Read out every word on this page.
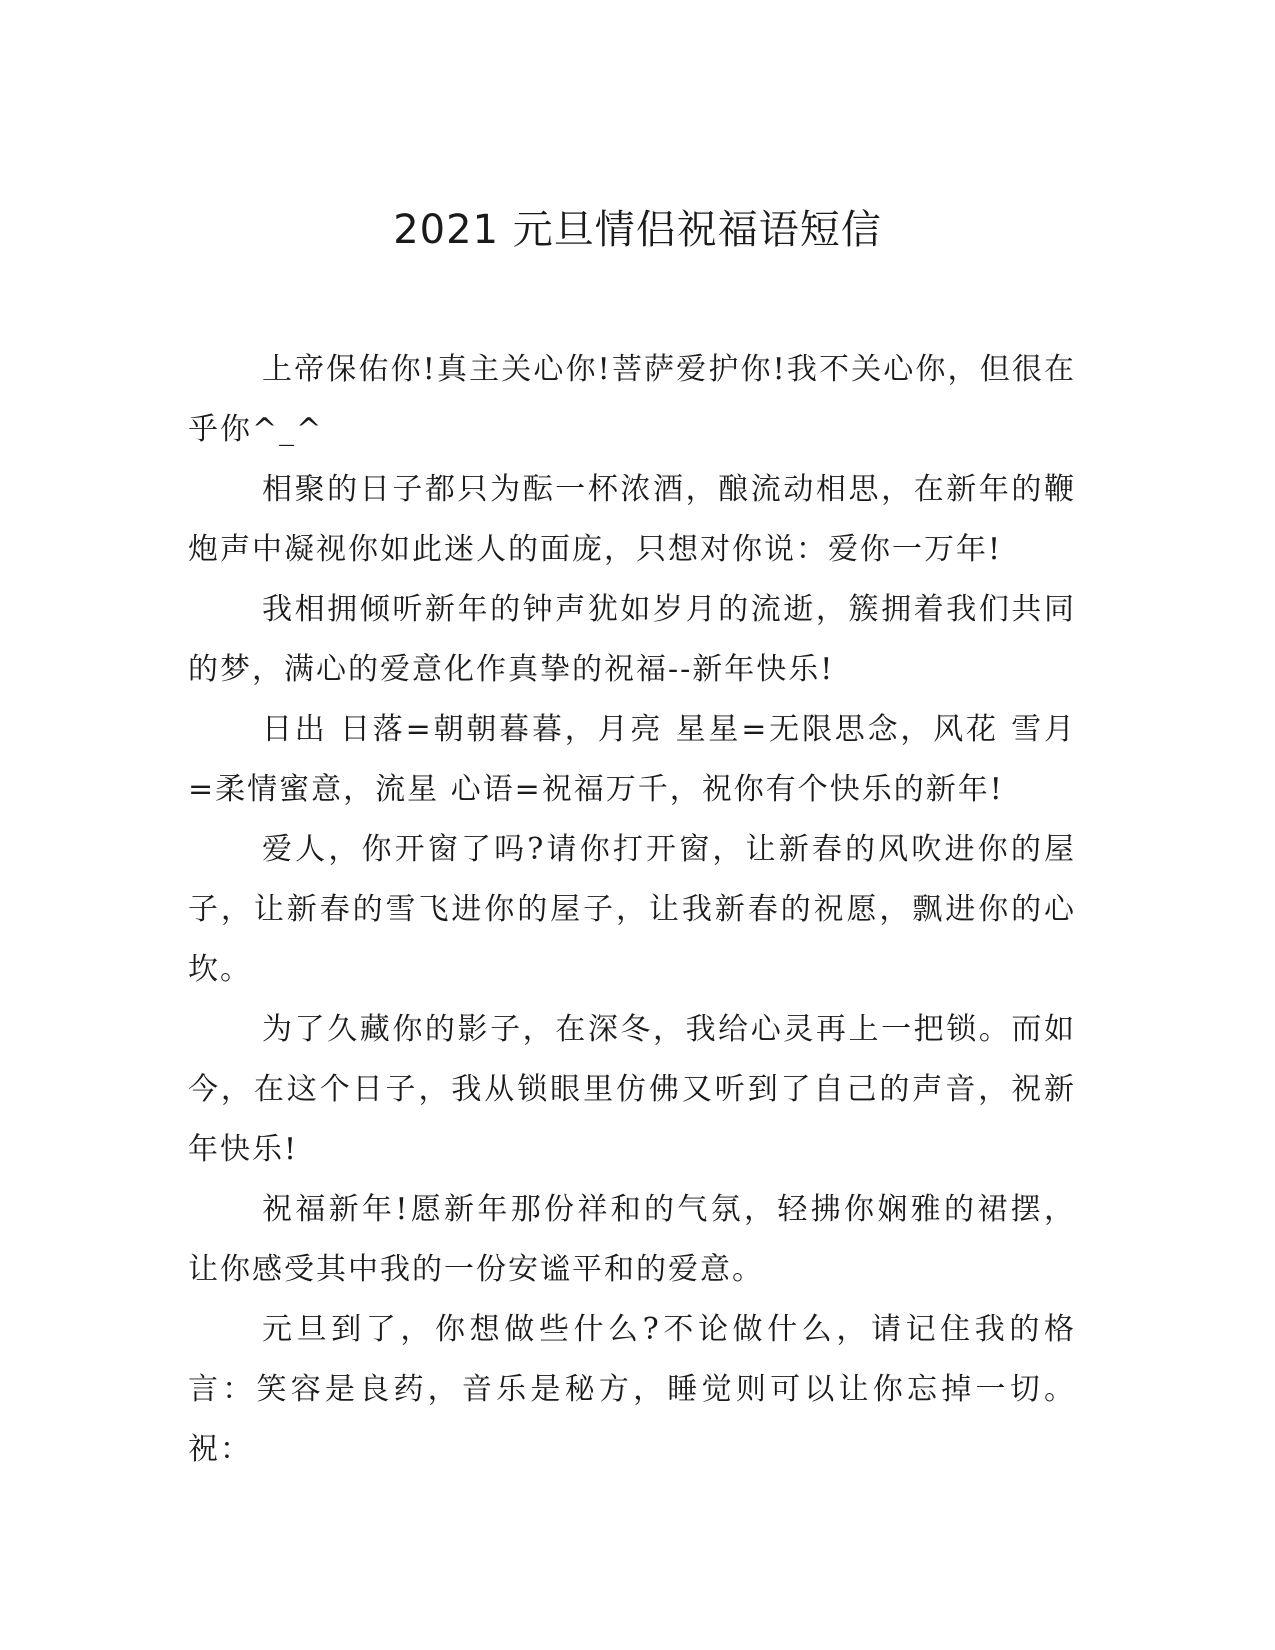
2021 元旦情侣祝福语短信

上帝保佑你!真主关心你!菩萨爱护你!我不关心你，但很在乎你^_^

相聚的日子都只为酝一杯浓酒，酿流动相思，在新年的鞭炮声中凝视你如此迷人的面庞，只想对你说：爱你一万年!

我相拥倾听新年的钟声犹如岁月的流逝，簇拥着我们共同的梦，满心的爱意化作真挚的祝福--新年快乐!

日出 日落=朝朝暮暮，月亮 星星=无限思念，风花 雪月=柔情蜜意，流星 心语=祝福万千，祝你有个快乐的新年!

爱人，你开窗了吗?请你打开窗，让新春的风吹进你的屋子，让新春的雪飞进你的屋子，让我新春的祝愿，飘进你的心坎。

为了久藏你的影子，在深冬，我给心灵再上一把锁。而如今，在这个日子，我从锁眼里仿佛又听到了自己的声音，祝新年快乐!

祝福新年!愿新年那份祥和的气氛，轻拂你娴雅的裙摆，让你感受其中我的一份安谧平和的爱意。

元旦到了，你想做些什么?不论做什么，请记住我的格言：笑容是良药，音乐是秘方，睡觉则可以让你忘掉一切。祝：
